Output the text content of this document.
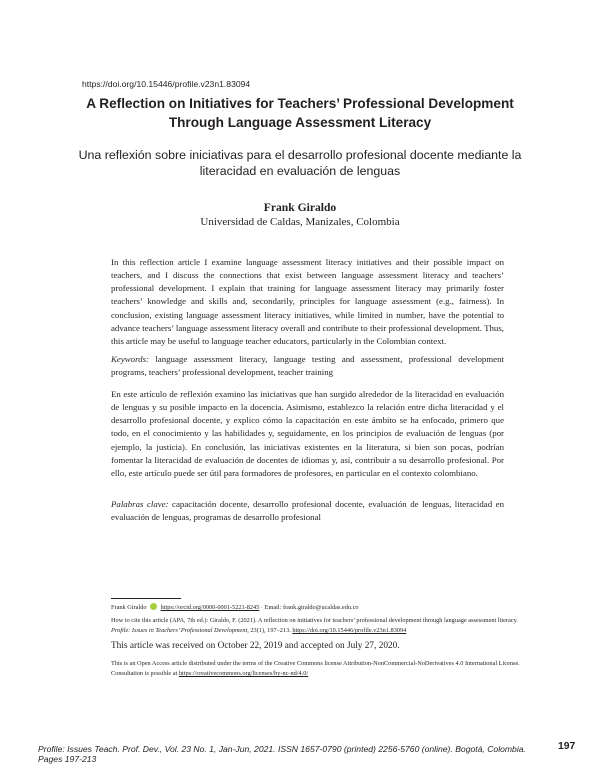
https://doi.org/10.15446/profile.v23n1.83094
A Reflection on Initiatives for Teachers’ Professional Development
Through Language Assessment Literacy
Una reflexión sobre iniciativas para el desarrollo profesional docente mediante la
literacidad en evaluación de lenguas
Frank Giraldo
Universidad de Caldas, Manizales, Colombia

In this reflection article I examine language assessment literacy initiatives and their possible impact on teachers, and I discuss the connections that exist between language assessment literacy and teachers’ professional development. I explain that training for language assessment literacy may primarily foster teachers’ knowledge and skills and, secondarily, principles for language assessment (e.g., fairness). In conclusion, existing language assessment literacy initiatives, while limited in number, have the potential to advance teachers’ language assessment literacy overall and contribute to their professional development. Thus, this article may be useful to language teacher educators, particularly in the Colombian context.

Keywords: language assessment literacy, language testing and assessment, professional development programs, teachers’ professional development, teacher training

En este artículo de reflexión examino las iniciativas que han surgido alrededor de la literacidad en evaluación de lenguas y su posible impacto en la docencia. Asimismo, establezco la relación entre dicha literacidad y el desarrollo profesional docente, y explico cómo la capacitación en este ámbito se ha enfocado, primero que todo, en el conocimiento y las habilidades y, seguidamente, en los principios de evaluación de lenguas (por ejemplo, la justicia). En conclusión, las iniciativas existentes en la literatura, si bien son pocas, podrían fomentar la literacidad de evaluación de docentes de idiomas y, así, contribuir a su desarrollo profesional. Por ello, este artículo puede ser útil para formadores de profesores, en particular en el contexto colombiano.

Palabras clave: capacitación docente, desarrollo profesional docente, evaluación de lenguas, literacidad en evaluación de lenguas, programas de desarrollo profesional

Frank Giraldo https://orcid.org/0000-0001-5221-8245 · Email: frank.giraldo@ucaldas.edu.co

How to cite this article (APA, 7th ed.): Giraldo, F. (2021). A reflection on initiatives for teachers’ professional development through language assessment literacy. Profile: Issues in Teachers’ Professional Development, 23(1), 197–213. https://doi.org/10.15446/profile.v23n1.83094

This article was received on October 22, 2019 and accepted on July 27, 2020.

This is an Open Access article distributed under the terms of the Creative Commons license Attribution-NonCommercial-NoDerivatives 4.0 International License. Consultation is possible at https://creativecommons.org/licenses/by-nc-nd/4.0/

Profile: Issues Teach. Prof. Dev., Vol. 23 No. 1, Jan-Jun, 2021. ISSN 1657-0790 (printed) 2256-5760 (online). Bogotá, Colombia. Pages 197-213
197
